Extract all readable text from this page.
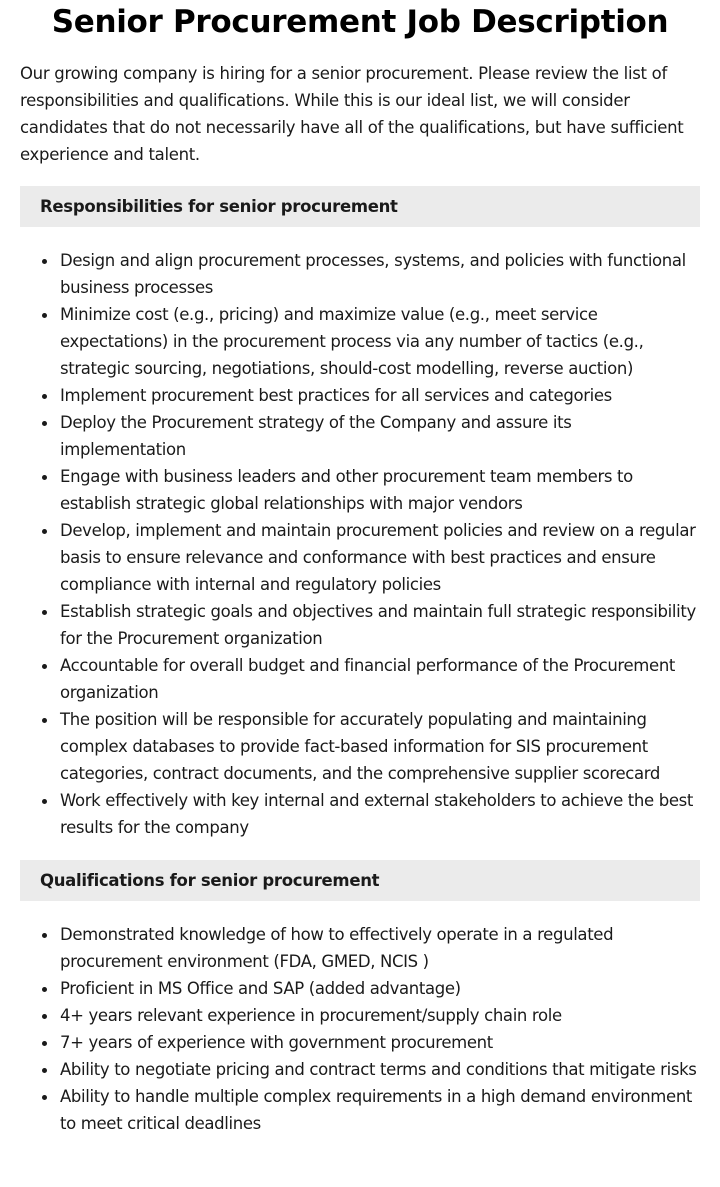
Senior Procurement Job Description

Our growing company is hiring for a senior procurement. Please review the list of responsibilities and qualifications. While this is our ideal list, we will consider candidates that do not necessarily have all of the qualifications, but have sufficient experience and talent.

Responsibilities for senior procurement
Design and align procurement processes, systems, and policies with functional business processes
Minimize cost (e.g., pricing) and maximize value (e.g., meet service expectations) in the procurement process via any number of tactics (e.g., strategic sourcing, negotiations, should-cost modelling, reverse auction)
Implement procurement best practices for all services and categories
Deploy the Procurement strategy of the Company and assure its implementation
Engage with business leaders and other procurement team members to establish strategic global relationships with major vendors
Develop, implement and maintain procurement policies and review on a regular basis to ensure relevance and conformance with best practices and ensure compliance with internal and regulatory policies
Establish strategic goals and objectives and maintain full strategic responsibility for the Procurement organization
Accountable for overall budget and financial performance of the Procurement organization
The position will be responsible for accurately populating and maintaining complex databases to provide fact-based information for SIS procurement categories, contract documents, and the comprehensive supplier scorecard
Work effectively with key internal and external stakeholders to achieve the best results for the company
Qualifications for senior procurement
Demonstrated knowledge of how to effectively operate in a regulated procurement environment (FDA, GMED, NCIS )
Proficient in MS Office and SAP (added advantage)
4+ years relevant experience in procurement/supply chain role
7+ years of experience with government procurement
Ability to negotiate pricing and contract terms and conditions that mitigate risks
Ability to handle multiple complex requirements in a high demand environment to meet critical deadlines
